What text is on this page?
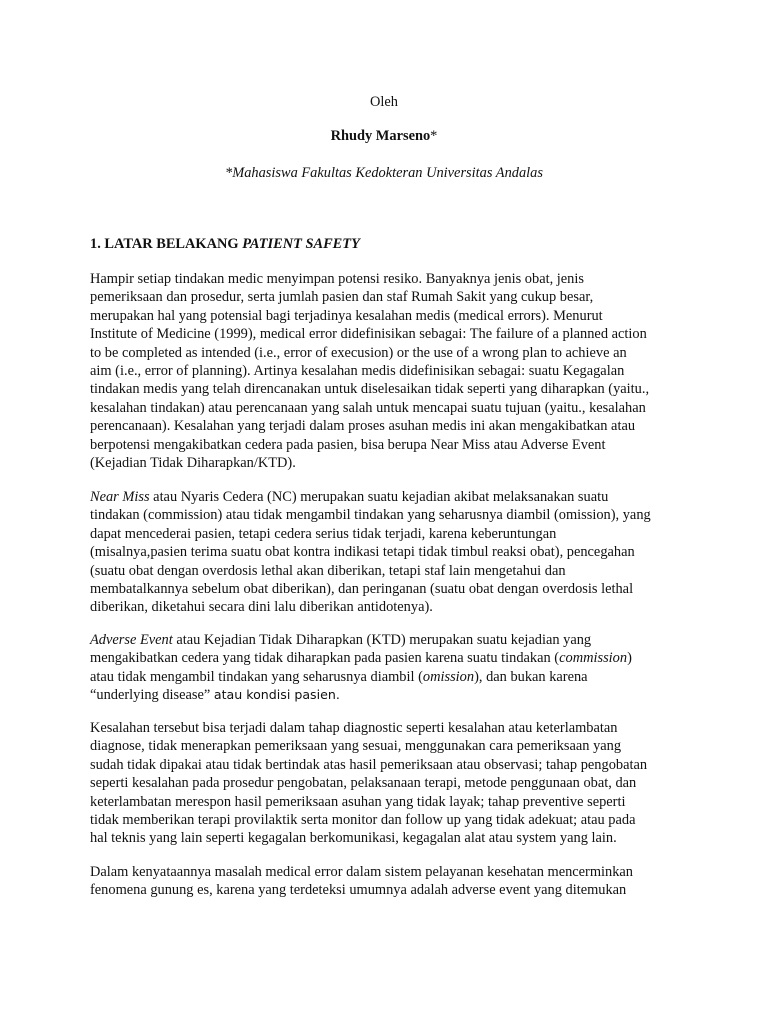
Oleh
Rhudy Marseno*
*Mahasiswa Fakultas Kedokteran Universitas Andalas
1. LATAR BELAKANG PATIENT SAFETY
Hampir setiap tindakan medic menyimpan potensi resiko. Banyaknya jenis obat, jenis
pemeriksaan dan prosedur, serta jumlah pasien dan staf Rumah Sakit yang cukup besar,
merupakan hal yang potensial bagi terjadinya kesalahan medis (medical errors). Menurut
Institute of Medicine (1999), medical error didefinisikan sebagai: The failure of a planned action
to be completed as intended (i.e., error of execusion) or the use of a wrong plan to achieve an
aim (i.e., error of planning). Artinya kesalahan medis didefinisikan sebagai: suatu Kegagalan
tindakan medis yang telah direncanakan untuk diselesaikan tidak seperti yang diharapkan (yaitu.,
kesalahan tindakan) atau perencanaan yang salah untuk mencapai suatu tujuan (yaitu., kesalahan
perencanaan). Kesalahan yang terjadi dalam proses asuhan medis ini akan mengakibatkan atau
berpotensi mengakibatkan cedera pada pasien, bisa berupa Near Miss atau Adverse Event
(Kejadian Tidak Diharapkan/KTD).
Near Miss atau Nyaris Cedera (NC) merupakan suatu kejadian akibat melaksanakan suatu
tindakan (commission) atau tidak mengambil tindakan yang seharusnya diambil (omission), yang
dapat mencederai pasien, tetapi cedera serius tidak terjadi, karena keberuntungan
(misalnya,pasien terima suatu obat kontra indikasi tetapi tidak timbul reaksi obat), pencegahan
(suatu obat dengan overdosis lethal akan diberikan, tetapi staf lain mengetahui dan
membatalkannya sebelum obat diberikan), dan peringanan (suatu obat dengan overdosis lethal
diberikan, diketahui secara dini lalu diberikan antidotenya).
Adverse Event atau Kejadian Tidak Diharapkan (KTD) merupakan suatu kejadian yang
mengakibatkan cedera yang tidak diharapkan pada pasien karena suatu tindakan (commission)
atau tidak mengambil tindakan yang seharusnya diambil (omission), dan bukan karena
“underlying disease” atau kondisi pasien.
Kesalahan tersebut bisa terjadi dalam tahap diagnostic seperti kesalahan atau keterlambatan
diagnose, tidak menerapkan pemeriksaan yang sesuai, menggunakan cara pemeriksaan yang
sudah tidak dipakai atau tidak bertindak atas hasil pemeriksaan atau observasi; tahap pengobatan
seperti kesalahan pada prosedur pengobatan, pelaksanaan terapi, metode penggunaan obat, dan
keterlambatan merespon hasil pemeriksaan asuhan yang tidak layak; tahap preventive seperti
tidak memberikan terapi provilaktik serta monitor dan follow up yang tidak adekuat; atau pada
hal teknis yang lain seperti kegagalan berkomunikasi, kegagalan alat atau system yang lain.
Dalam kenyataannya masalah medical error dalam sistem pelayanan kesehatan mencerminkan
fenomena gunung es, karena yang terdeteksi umumnya adalah adverse event yang ditemukan
